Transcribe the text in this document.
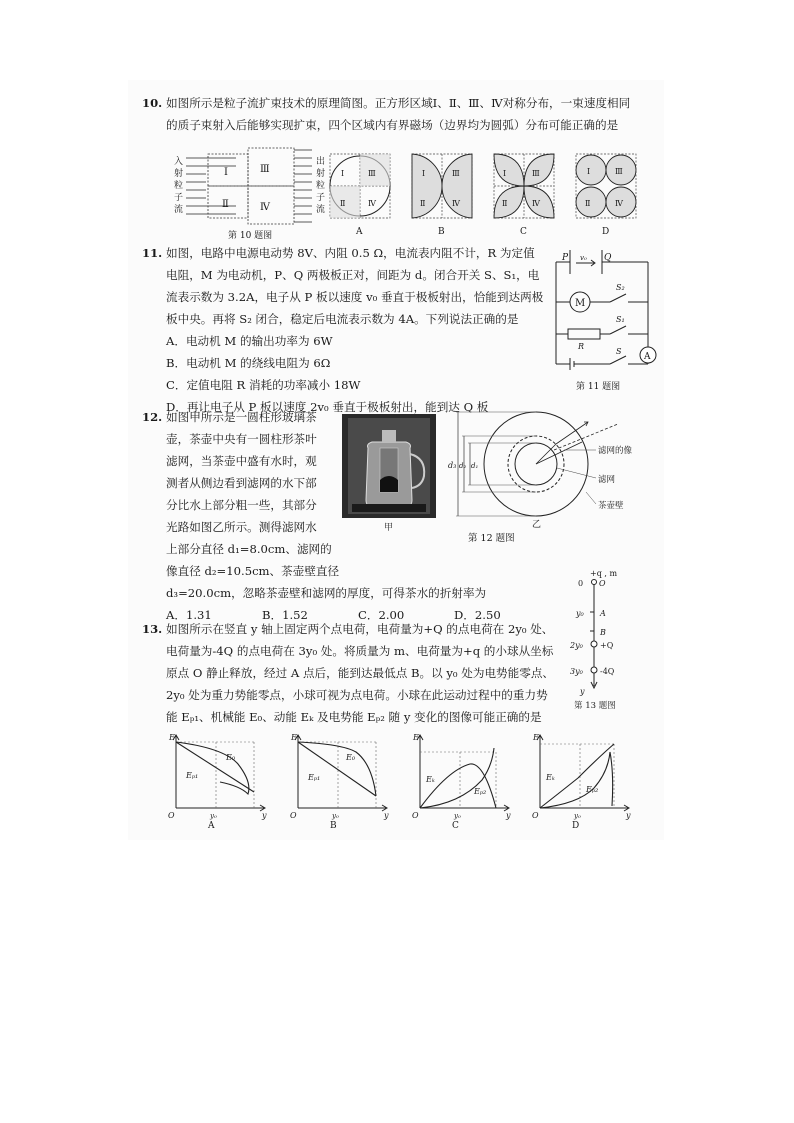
10. 如图所示是粒子流扩束技术的原理简图。正方形区域Ⅰ、Ⅱ、Ⅲ、Ⅳ对称分布，一束速度相同
的质子束射入后能够实现扩束，四个区域内有界磁场（边界均为圆弧）分布可能正确的是
入
射
粒
子
流
Ⅰ
Ⅱ
Ⅲ
Ⅳ
出
射
粒
子
流
第 10 题图
Ⅰ
Ⅱ
Ⅲ
Ⅳ
A
Ⅰ
Ⅱ
Ⅲ
Ⅳ
B
Ⅰ
Ⅱ
Ⅲ
Ⅳ
C
Ⅰ
Ⅱ
Ⅲ
Ⅳ
D
11. 如图，电路中电源电动势 8V、内阻 0.5 Ω，电流表内阻不计，R 为定值
电阻，M 为电动机，P、Q 两极板正对，间距为 d。闭合开关 S、S₁，电
流表示数为 3.2A，电子从 P 板以速度 v₀ 垂直于极板射出，恰能到达两极
板中央。再将 S₂ 闭合，稳定后电流表示数为 4A。下列说法正确的是
A．电动机 M 的输出功率为 6W
B．电动机 M 的绕线电阻为 6Ω
C．定值电阻 R 消耗的功率减小 18W
D．再让电子从 P 板以速度 2v₀ 垂直于极板射出，能到达 Q 板
P	Q
v₀
M
S₂
S₁
R
S
A
第 11 题图
12. 如图甲所示是一圆柱形玻璃茶
壶，茶壶中央有一圆柱形茶叶
滤网，当茶壶中盛有水时，观
测者从侧边看到滤网的水下部
分比水上部分粗一些，其部分
光路如图乙所示。测得滤网水
上部分直径 d₁=8.0cm、滤网的
像直径 d₂=10.5cm、茶壶壁直径
d₃=20.0cm，忽略茶壶壁和滤网的厚度，可得茶水的折射率为
A．1.31	B．1.52	C．2.00	D．2.50
甲
d₃ d₂ d₁
滤网的像
滤网
茶壶壁
乙
第 12 题图
13. 如图所示在竖直 y 轴上固定两个点电荷，电荷量为+Q 的点电荷在 2y₀ 处、
电荷量为-4Q 的点电荷在 3y₀ 处。将质量为 m、电荷量为+q 的小球从坐标
原点 O 静止释放，经过 A 点后，能到达最低点 B。以 y₀ 处为电势能零点、
2y₀ 处为重力势能零点，小球可视为点电荷。小球在此运动过程中的重力势
能 Eₚ₁、机械能 E₀、动能 Eₖ 及电势能 Eₚ₂ 随 y 变化的图像可能正确的是
+q , m
0 O
y₀ A
B
2y₀ +Q
3y₀ -4Q
y
第 13 题图
E
O	y
y₀
Eₚ₁
E₀
A
E
O	y
y₀
Eₚ₁
E₀
B
E
O	y
y₀
Eₖ
Eₚ₂
C
E
O	y
y₀
Eₖ
Eₚ₂
D
